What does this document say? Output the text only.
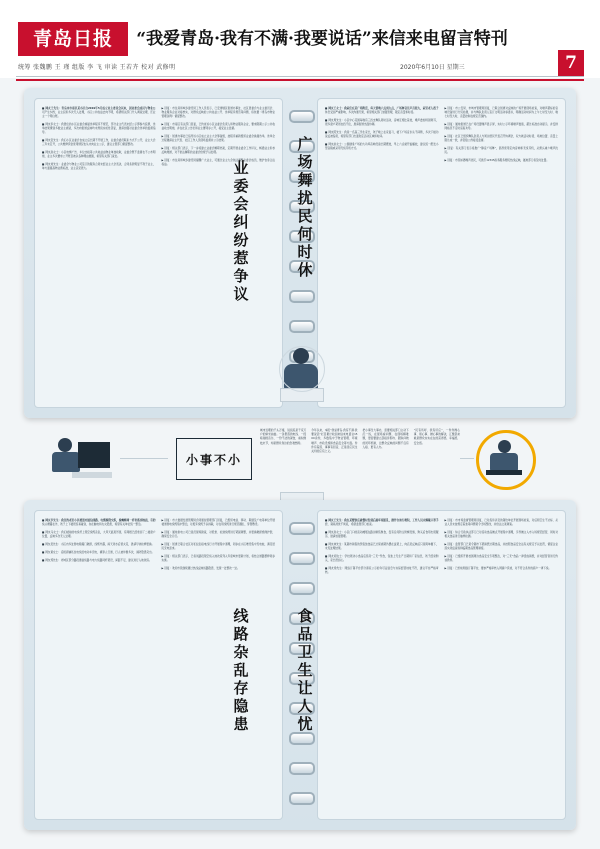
青岛日报	“我爱青岛·我有不满·我要说话”来信来电留言特刊
统筹 张魏鹏 王 瑾 组版 李 飞 审读 王若卉 校对 武修明	2020年6月10日 星期三	7
■ 网友王先生：青岛市市南区某小区自2019年5月成立业主委员会以来，因业委会成员与物业公司产生纠纷，业主投诉多次无人处理，小区公共收益去向不明，希望相关部门介入调查处理，还业主一个明白账。
■ 网友李女士：我居住的小区业委会换届选举程序不规范，部分业主代表未经公示即参与投票，选举结果遭到多数业主质疑，多次向街道反映均未得到实质性答复，恳请加强对业委会选举的监督指导。
■ 网友张先生：我们小区业委会自成立后长期不开展工作，业委会委员联系方式不公开，业主大会三年未召开，公共维修资金使用情况也从未向业主公示，建议主管部门督促整改。
■ 网友孙女士：小区电梯广告、车位出租等公共收益由物业单独收取，业委会既不监督也不公布明细，业主多次要求公开账目被以各种理由推脱，希望有关部门查处。
■ 网友刘先生：业委会与物业公司签订的服务合同未经业主大会表决，合同条款明显不利于业主，单方面提高物业费标准，业主意见很大。
▶ 回复：市住房和城乡建设局工作人员表示，已安排辖区街道办事处、社区居委会与业主委员会、物业服务企业对接核实，对群众反映的公共收益公开、选举程序规范等问题，将依据《青岛市物业管理条例》督促整改。
▶ 回复：市南区有关部门回复，已约谈该小区业委会负责人和物业服务企业，要求限期公示公共收益收支明细，并在社区公告栏和业主群同步公开，接受业主监督。
▶ 回复：街道办事处已指导该小区成立业主大会筹备组，按程序重新组织业委会换届选举，选举全过程邀请业主代表、社区工作人员现场监督并公示结果。
▶ 回复：相关部门表示，下一步将建立业委会履职档案，定期开展业委会工作评议，畅通业主诉求反映渠道，对不依法履职的业委会依规予以处理。
▶ 回复：市住房和城乡建设局提醒广大业主，可通过业主大会依法调整业委会成员，维护自身合法权益。
■ 网友王女士：我家住在某广场附近，每天傍晚六点到九点，广场舞音乐声音很大，家里老人孩子休息受到严重影响，多次沟通无果，希望相关部门加强管理，限定音量和时段。
■ 网友周先生：小区中心花园每晚有三四支舞队同时活动，音响互相比着放，噪声叠加特别刺耳，很多窗户紧闭也挡不住，恳请街道出面协调。
■ 网友陈先生：我是一名高三学生家长，孩子晚上在家复习，楼下广场音乐从不间断，多次下楼劝说反被指责，希望有部门出面划定活动区域和时间。
■ 网友赵女士：公园健身广场的大功率音响设备长期摆放，早上六点就开始播放，建议统一配发小型音箱或采用无线耳机方式。
▶ 回复：市公安局、市城市管理局回复，已联合街道对反映的广场开展现场检查，对噪声超标的音响设备进行分贝检测，并与舞队负责人签订文明活动承诺书，明确活动时间为上午七时至九时、晚七时至九时，音量控制在规定范围内。
▶ 回复：属地街道已在广场设置噪声显示屏，实时公示环境噪声数值，超过标准自动提示，并安排网格员不定时巡查劝导。
▶ 回复：社区已组织舞队负责人与周边居民代表召开协调会，双方就活动时段、场地位置、音量上限达成一致，并张贴公约接受监督。
▶ 回复：有关部门表示将推广“静音广场舞”，倡导使用定向音响和无线耳机，从源头减少噪声扰民。
▶ 回复：市民如遇噪声扰民，可拨打12345政务服务便民热线反映，属地部门将及时处置。
业委会纠纷惹争议	广场舞扰民何时休
小事不小
城市治理的千头万绪，说到底是千家万户的柴米油盐。一条垂落的电线、一段喧闹的音乐、一份不洁的餐食，看似细枝末节，却是群众身边的急难愁盼。
今年以来，本报“我爱青岛·我有不满·我要说话”栏目累计收到来信来电留言1500余件，多数集中于物业管理、环境噪声、市政设施和食品安全等方面。件件有着落、事事有回音，正是回应民生关切的应有之义。
把小事当大事办，需要相关部门主动下沉一线，在现场看问题、在现场解难题，更需要建立起接诉即办、跟踪问效的闭环机制，让群众反映的问题不仅有人接、更有人办。
“民有所呼、我有所应”，一件件操心事、烦心事、揪心事的解决，汇聚起来就是群众实实在在的获得感、幸福感、安全感。
■ 网友李先生：我住的老旧小区楼道内通信线路、电缆缠绕交织，像蜘蛛网一样垂落到地面，有的线头裸露在外，孩子上下楼很容易碰到，存在触电和火灾隐患，希望有关单位统一整治。
■ 网友马女士：我们楼前的电线杆上架空线缆杂乱，大风天摇晃厉害，有两根已经垂到了二楼窗户位置，反映多次无人处理。
■ 网友吴先生：小区内多处弱电箱箱门破损，线缆外露，雨天进水后冒火花，恳请尽快检修更换。
■ 网友黄女士：沿街商铺私拉电线给电动车充电，横穿人行道，行人被绊倒多次，消防隐患突出。
■ 网友郑先生：老城区部分路段通信线路与电力线路同杆架设，间距不足，建议进行入地改造。
▶ 回复：市大数据发展管理局会同通信管理部门回复，已组织电信、移动、联通及广电等单位开展楼道弱电线缆集中整治，对废弃线缆予以拆除，对在用线缆进行规范捆扎、穿管敷设。
▶ 回复：属地供电公司已派员现场勘查，对低垂、松弛线缆进行紧固调整，并更换破损绝缘护套，确保安全运行。
▶ 回复：街道已联合社区对私拉乱接电线行为开展集中清理，同步在小区增设集中充电桩，满足居民充电需求。
▶ 回复：相关部门表示，已将该路段架空线入地改造列入年度城市更新计划，将结合道路整修同步实施。
▶ 回复：欢迎市民继续通过热线反映线路隐患，发现一处整改一处。
■ 网友王先生：我在某餐饮店就餐时发现后厨环境脏乱，操作台油污堆积，工作人员未佩戴口罩手套，餐具清洗不彻底，希望监管部门检查。
■ 网友孙女士：小区门口的流动摊贩在路边制售熟食，没有任何防尘防蝇设施，购买后食用出现腹泻，恳请加强管理。
■ 网友林先生：某超市销售的预包装食品已过保质期仍摆在货架上，向店员反映后只是简单撤下，未见处理结果。
■ 网友胡女士：学校周边小食品店售卖“三无”零食，包装上无生产日期和厂家信息，孩子经常购买，家长很担心。
■ 网友徐先生：网络订餐平台部分商家公示的许可证信息与实际经营地址不符，建议平台严格审核。
▶ 回复：市市场监督管理局回复，已对投诉涉及的餐饮单位开展现场检查，对后厨卫生不达标、从业人员未按规定着装等问题责令当场整改，并依法立案调查。
▶ 回复：综合行政执法部门已对流动食品摊点开展集中清理，引导摊主入市入场规范经营，同时对相关食品进行抽样检测。
▶ 回复：监管部门已责令超市下架销毁过期食品，并按照食品安全法有关规定予以处罚，督促企业落实进货查验和临期食品管理制度。
▶ 回复：已组织开展校园周边食品安全专项整治，对“三无”食品一律没收销毁，并对经营者进行约谈教育。
▶ 回复：已约谈网络订餐平台，要求严格审核入网商户资质，对不符合条件的商户一律下线。
线路杂乱存隐患	食品卫生让人忧
